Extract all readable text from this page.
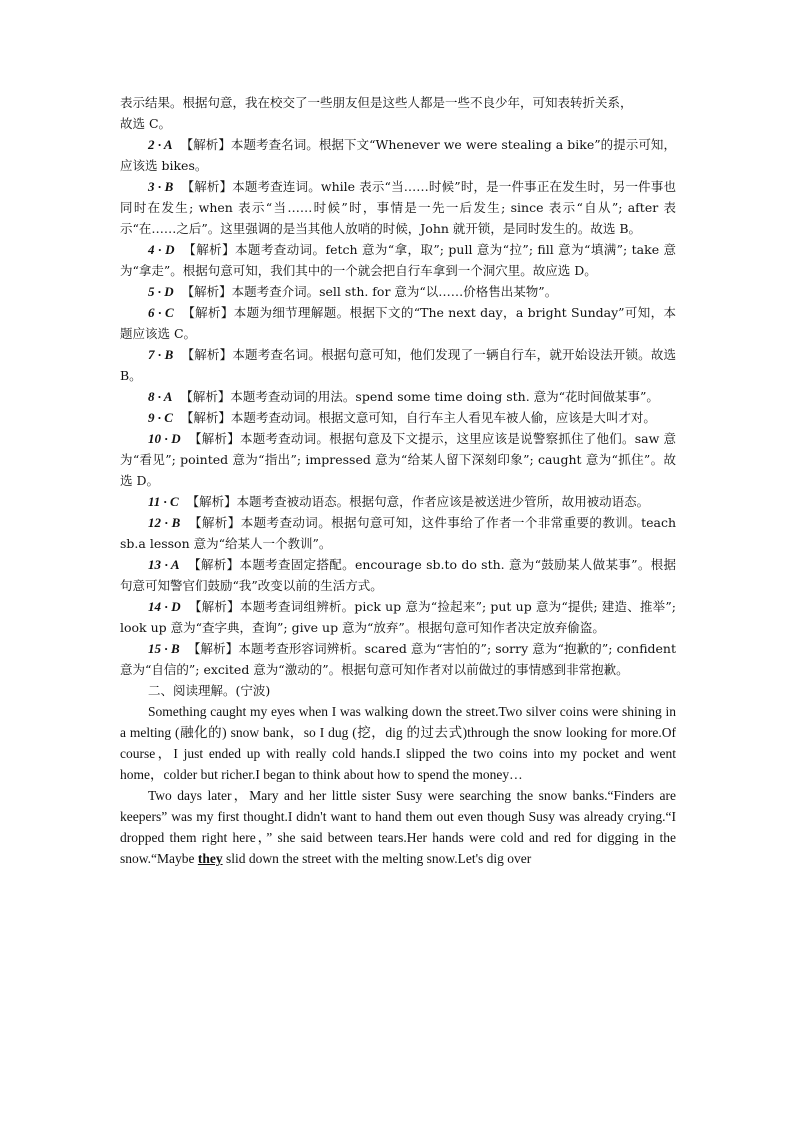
表示结果。根据句意，我在校交了一些朋友但是这些人都是一些不良少年，可知表转折关系，
故选 C。

2 · A 【解析】本题考查名词。根据下文“Whenever we were stealing a bike”的提示可知，应该选 bikes。

3 · B 【解析】本题考查连词。while 表示“当……时候”时，是一件事正在发生时，另一件事也同时在发生; when 表示“当……时候”时，事情是一先一后发生; since 表示“自从”; after 表示“在……之后”。这里强调的是当其他人放哨的时候，John 就开锁，是同时发生的。故选 B。

4 · D 【解析】本题考查动词。fetch 意为“拿，取”; pull 意为“拉”; fill 意为“填满”; take 意为“拿走”。根据句意可知，我们其中的一个就会把自行车拿到一个洞穴里。故应选 D。

5 · D 【解析】本题考查介词。sell sth. for 意为“以……价格售出某物”。

6 · C 【解析】本题为细节理解题。根据下文的“The next day，a bright Sunday”可知，本题应该选 C。

7 · B 【解析】本题考查名词。根据句意可知，他们发现了一辆自行车，就开始设法开锁。故选 B。

8 · A 【解析】本题考查动词的用法。spend some time doing sth. 意为“花时间做某事”。

9 · C 【解析】本题考查动词。根据文意可知，自行车主人看见车被人偷，应该是大叫才对。

10 · D 【解析】本题考查动词。根据句意及下文提示，这里应该是说警察抓住了他们。saw 意为“看见”; pointed 意为“指出”; impressed 意为“给某人留下深刻印象”; caught 意为“抓住”。故选 D。

11 · C 【解析】本题考查被动语态。根据句意，作者应该是被送进少管所，故用被动语态。

12 · B 【解析】本题考查动词。根据句意可知，这件事给了作者一个非常重要的教训。teach sb.a lesson 意为“给某人一个教训”。

13 · A 【解析】本题考查固定搭配。encourage sb.to do sth. 意为“鼓励某人做某事”。根据句意可知警官们鼓励“我”改变以前的生活方式。

14 · D 【解析】本题考查词组辨析。pick up 意为“捡起来”; put up 意为“提供; 建造、推举”; look up 意为“查字典，查询”; give up 意为“放弃”。根据句意可知作者决定放弃偷盗。

15 · B 【解析】本题考查形容词辨析。scared 意为“害怕的”; sorry 意为“抱歉的”; confident 意为“自信的”; excited 意为“激动的”。根据句意可知作者对以前做过的事情感到非常抱歉。

二、阅读理解。(宁波)

Something caught my eyes when I was walking down the street.Two silver coins were shining in a melting (融化的) snow bank，so I dug (挖，dig 的过去式)through the snow looking for more.Of course，I just ended up with really cold hands.I slipped the two coins into my pocket and went home，colder but richer.I began to think about how to spend the money…

Two days later，Mary and her little sister Susy were searching the snow banks.“Finders are keepers” was my first thought.I didn't want to hand them out even though Susy was already crying.“I dropped them right here，” she said between tears.Her hands were cold and red for digging in the snow.“Maybe they slid down the street with the melting snow.Let's dig over
